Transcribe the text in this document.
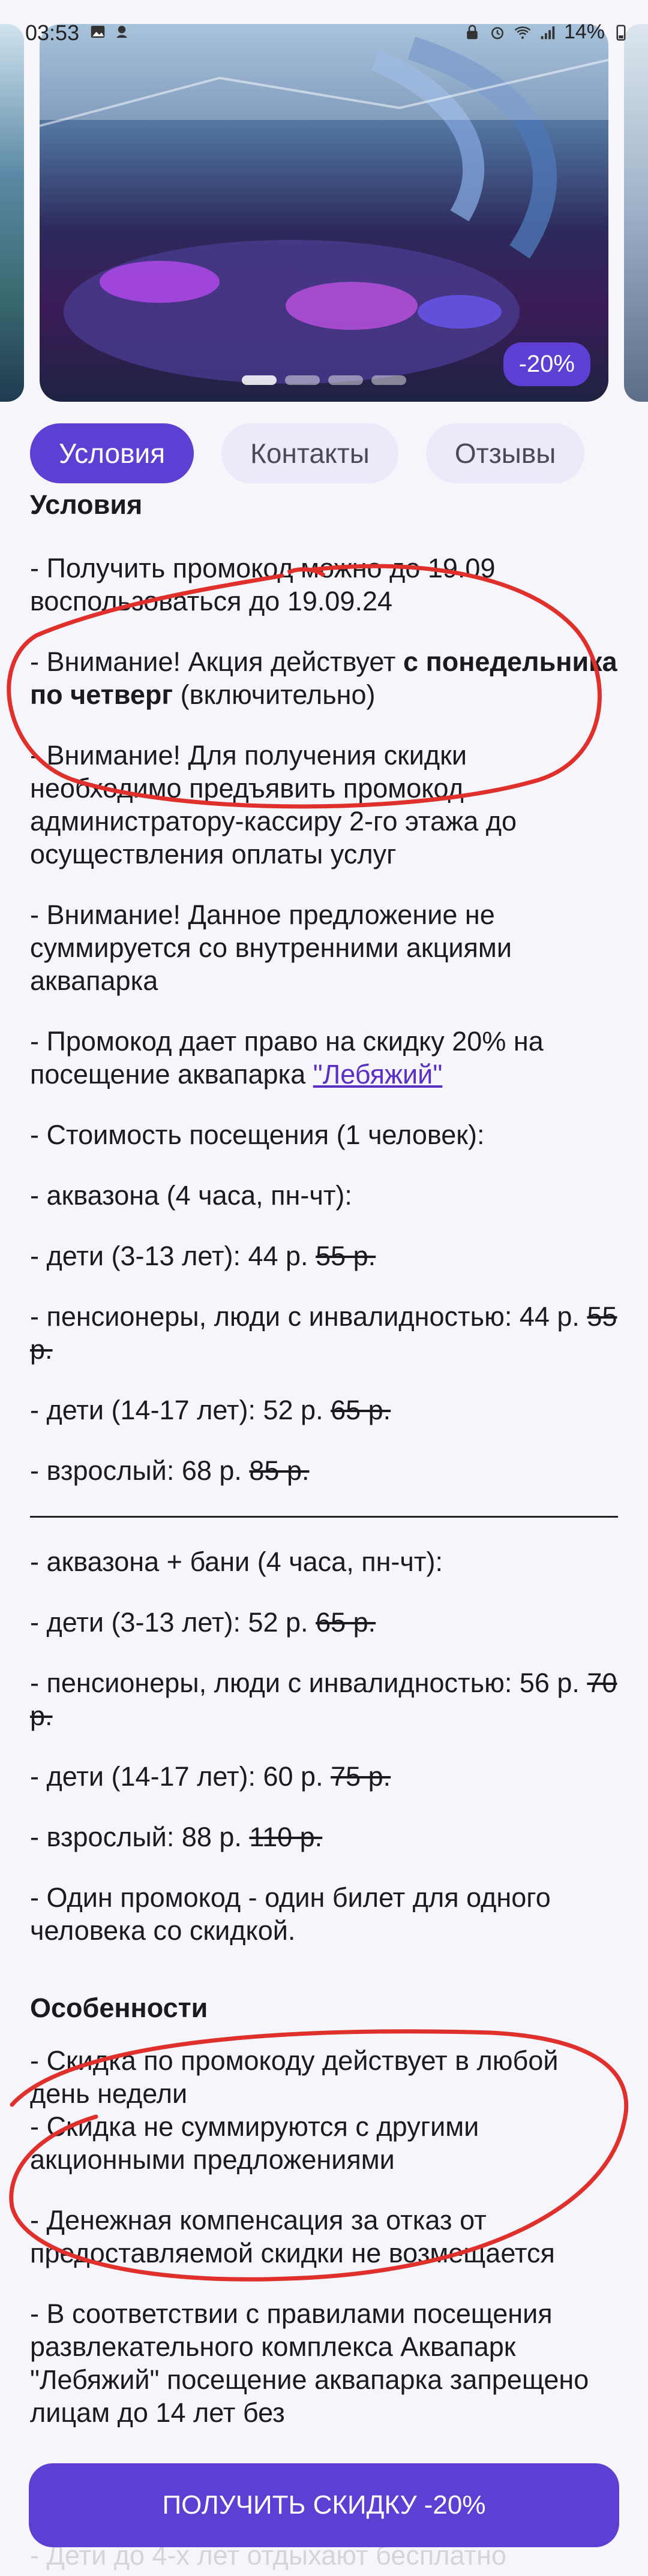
03:53	14%
-20%
Условия	Контакты	Отзывы
Условия

- Получить промокод можно до 19.09 воспользоваться до 19.09.24

- Внимание! Акция действует с понедельника по четверг (включительно)

- Внимание! Для получения скидки необходимо предъявить промокод администратору-кассиру 2-го этажа до осуществления оплаты услуг

- Внимание! Данное предложение не суммируется со внутренними акциями аквапарка

- Промокод дает право на скидку 20% на посещение аквапарка "Лебяжий"

- Стоимость посещения (1 человек):

- аквазона (4 часа, пн-чт):

- дети (3-13 лет): 44 р. 55 р.

- пенсионеры, люди с инвалидностью: 44 р. 55 р.

- дети (14-17 лет): 52 р. 65 р.

- взрослый: 68 р. 85 р.

- аквазона + бани (4 часа, пн-чт):

- дети (3-13 лет): 52 р. 65 р.

- пенсионеры, люди с инвалидностью: 56 р. 70 р.

- дети (14-17 лет): 60 р. 75 р.

- взрослый: 88 р. 110 р.

- Один промокод - один билет для одного человека со скидкой.

Особенности

- Скидка по промокоду действует в любой день недели

- Скидка не суммируются с другими акционными предложениями

- Денежная компенсация за отказ от предоставляемой скидки не возмещается

- В соответствии с правилами посещения развлекательного комплекса Аквапарк "Лебяжий" посещение аквапарка запрещено лицам до 14 лет без

ПОЛУЧИТЬ СКИДКУ -20%
